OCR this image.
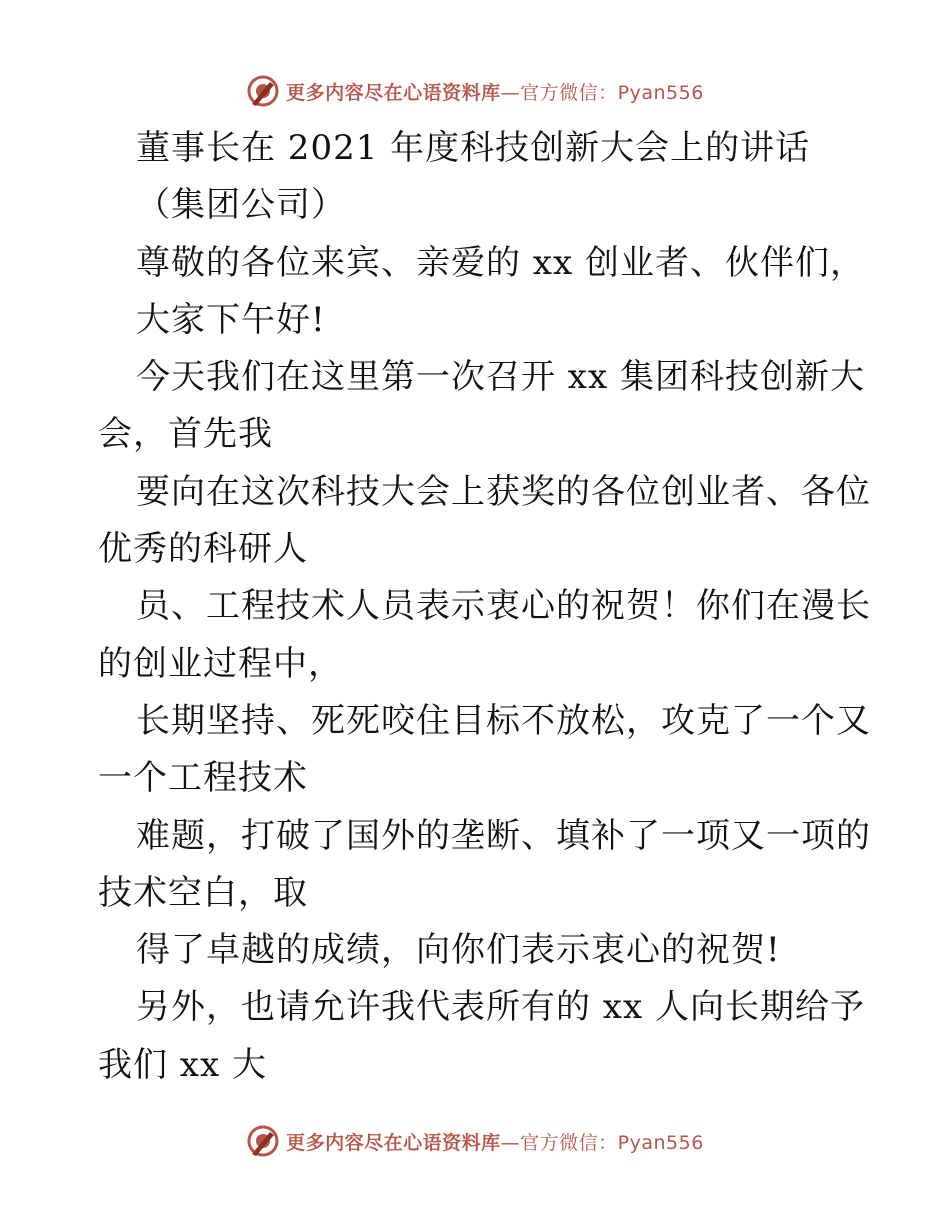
更多内容尽在心语资料库—官方微信：Pyan556
董事长在 2021 年度科技创新大会上的讲话
（集团公司）
尊敬的各位来宾、亲爱的 xx 创业者、伙伴们，
大家下午好!
今天我们在这里第一次召开 xx 集团科技创新大
会，首先我
要向在这次科技大会上获奖的各位创业者、各位
优秀的科研人
员、工程技术人员表示衷心的祝贺！你们在漫长
的创业过程中，
长期坚持、死死咬住目标不放松，攻克了一个又
一个工程技术
难题，打破了国外的垄断、填补了一项又一项的
技术空白，取
得了卓越的成绩，向你们表示衷心的祝贺!
另外，也请允许我代表所有的 xx 人向长期给予
我们 xx 大
更多内容尽在心语资料库—官方微信：Pyan556
